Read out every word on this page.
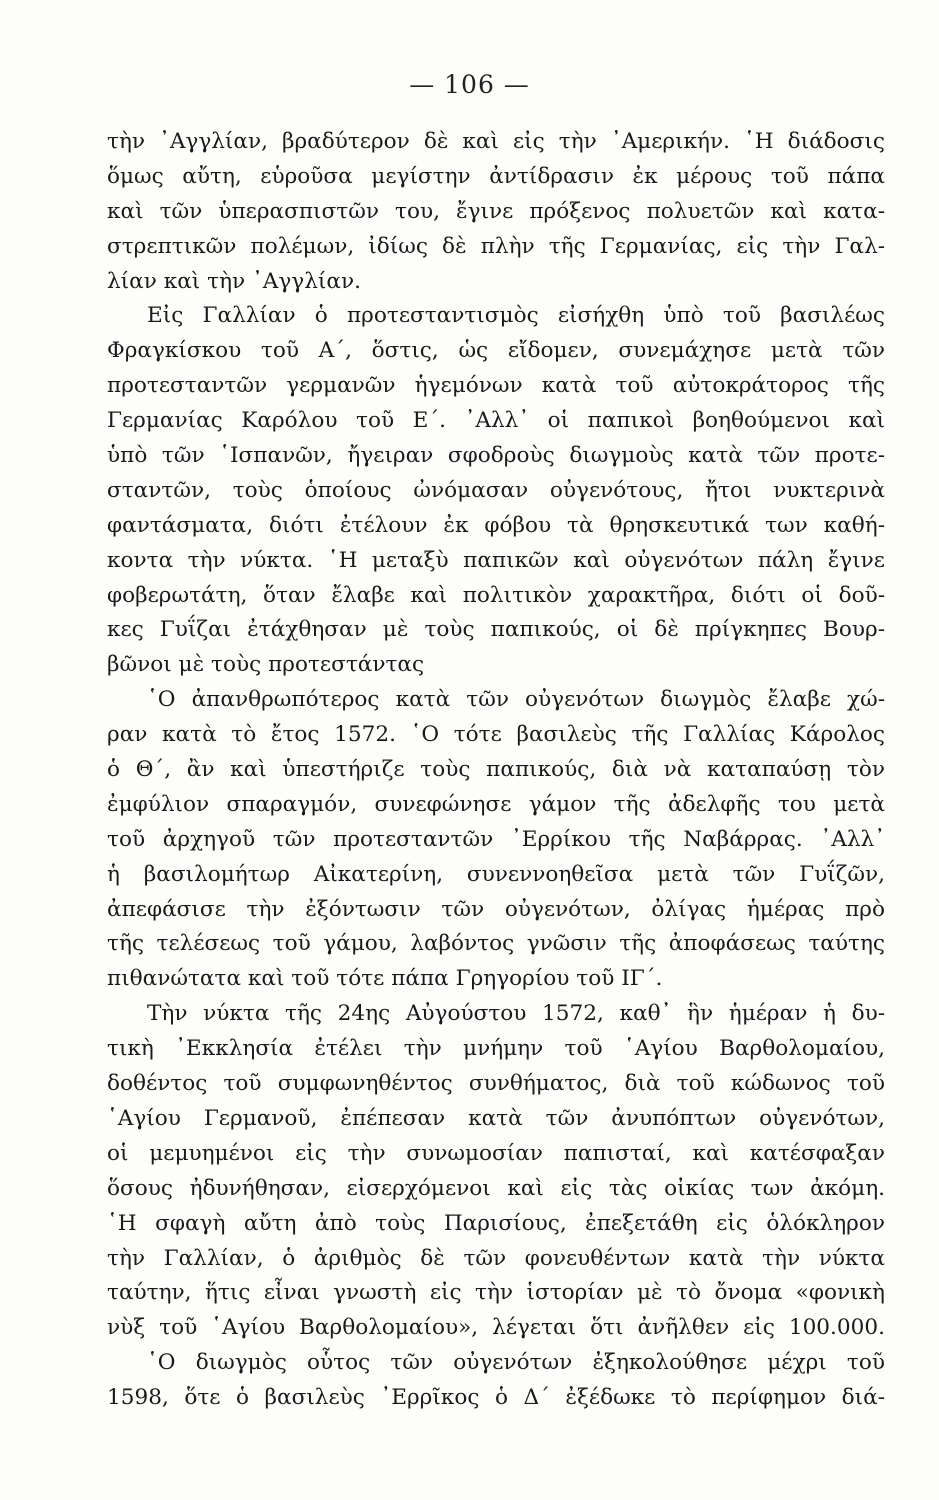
— 106 —
τὴν ᾿Αγγλίαν, βραδύτερον δὲ καὶ εἰς τὴν ᾿Αμερικήν. ῾Η διάδοσις
ὅμως αὔτη, εὑροῦσα μεγίστην ἀντίδρασιν ἐκ μέρους τοῦ πάπα
καὶ τῶν ὑπερασπιστῶν του, ἔγινε πρόξενος πολυετῶν καὶ κατα-
στρεπτικῶν πολέμων, ἰδίως δὲ πλὴν τῆς Γερμανίας, εἰς τὴν Γαλ-
λίαν καὶ τὴν ᾿Αγγλίαν.
Εἰς Γαλλίαν ὁ προτεσταντισμὸς εἰσήχθη ὑπὸ τοῦ βασιλέως
Φραγκίσκου τοῦ Α΄, ὅστις, ὡς εἴδομεν, συνεμάχησε μετὰ τῶν
προτεσταντῶν γερμανῶν ἡγεμόνων κατὰ τοῦ αὐτοκράτορος τῆς
Γερμανίας Καρόλου τοῦ Ε΄. ᾿Αλλ᾿ οἱ παπικοὶ βοηθούμενοι καὶ
ὑπὸ τῶν ῾Ισπανῶν, ἤγειραν σφοδροὺς διωγμοὺς κατὰ τῶν προτε-
σταντῶν, τοὺς ὁποίους ὠνόμασαν οὐγενότους, ἤτοι νυκτερινὰ
φαντάσματα, διότι ἐτέλουν ἐκ φόβου τὰ θρησκευτικά των καθή-
κοντα τὴν νύκτα. ῾Η μεταξὺ παπικῶν καὶ οὐγενότων πάλη ἔγινε
φοβερωτάτη, ὅταν ἔλαβε καὶ πολιτικὸν χαρακτῆρα, διότι οἱ δοῦ-
κες Γυΐζαι ἐτάχθησαν μὲ τοὺς παπικούς, οἱ δὲ πρίγκηπες Βουρ-
βῶνοι μὲ τοὺς προτεστάντας
῾Ο ἀπανθρωπότερος κατὰ τῶν οὐγενότων διωγμὸς ἔλαβε χώ-
ραν κατὰ τὸ ἔτος 1572. ῾Ο τότε βασιλεὺς τῆς Γαλλίας Κάρολος
ὁ Θ΄, ἂν καὶ ὑπεστήριζε τοὺς παπικούς, διὰ νὰ καταπαύσῃ τὸν
ἐμφύλιον σπαραγμόν, συνεφώνησε γάμον τῆς ἀδελφῆς του μετὰ
τοῦ ἀρχηγοῦ τῶν προτεσταντῶν ᾿Ερρίκου τῆς Ναβάρρας. ᾿Αλλ᾿
ἡ βασιλομήτωρ Αἰκατερίνη, συνεννοηθεῖσα μετὰ τῶν Γυΐζῶν,
ἀπεφάσισε τὴν ἐξόντωσιν τῶν οὐγενότων, ὀλίγας ἡμέρας πρὸ
τῆς τελέσεως τοῦ γάμου, λαβόντος γνῶσιν τῆς ἀποφάσεως ταύτης
πιθανώτατα καὶ τοῦ τότε πάπα Γρηγορίου τοῦ ΙΓ΄.
Τὴν νύκτα τῆς 24ης Αὐγούστου 1572, καθ᾿ ἣν ἡμέραν ἡ δυ-
τικὴ ᾿Εκκλησία ἐτέλει τὴν μνήμην τοῦ ῾Αγίου Βαρθολομαίου,
δοθέντος τοῦ συμφωνηθέντος συνθήματος, διὰ τοῦ κώδωνος τοῦ
῾Αγίου Γερμανοῦ, ἐπέπεσαν κατὰ τῶν ἀνυπόπτων οὐγενότων,
οἱ μεμυημένοι εἰς τὴν συνωμοσίαν παπισταί, καὶ κατέσφαξαν
ὅσους ἠδυνήθησαν, εἰσερχόμενοι καὶ εἰς τὰς οἰκίας των ἀκόμη.
῾Η σφαγὴ αὔτη ἀπὸ τοὺς Παρισίους, ἐπεξετάθη εἰς ὁλόκληρον
τὴν Γαλλίαν, ὁ ἀριθμὸς δὲ τῶν φονευθέντων κατὰ τὴν νύκτα
ταύτην, ἥτις εἶναι γνωστὴ εἰς τὴν ἱστορίαν μὲ τὸ ὄνομα «φονικὴ
νὺξ τοῦ ῾Αγίου Βαρθολομαίου», λέγεται ὅτι ἀνῆλθεν εἰς 100.000.
῾Ο διωγμὸς οὗτος τῶν οὐγενότων ἐξηκολούθησε μέχρι τοῦ
1598, ὅτε ὁ βασιλεὺς ᾿Ερρῖκος ὁ Δ΄ ἐξέδωκε τὸ περίφημον διά-
